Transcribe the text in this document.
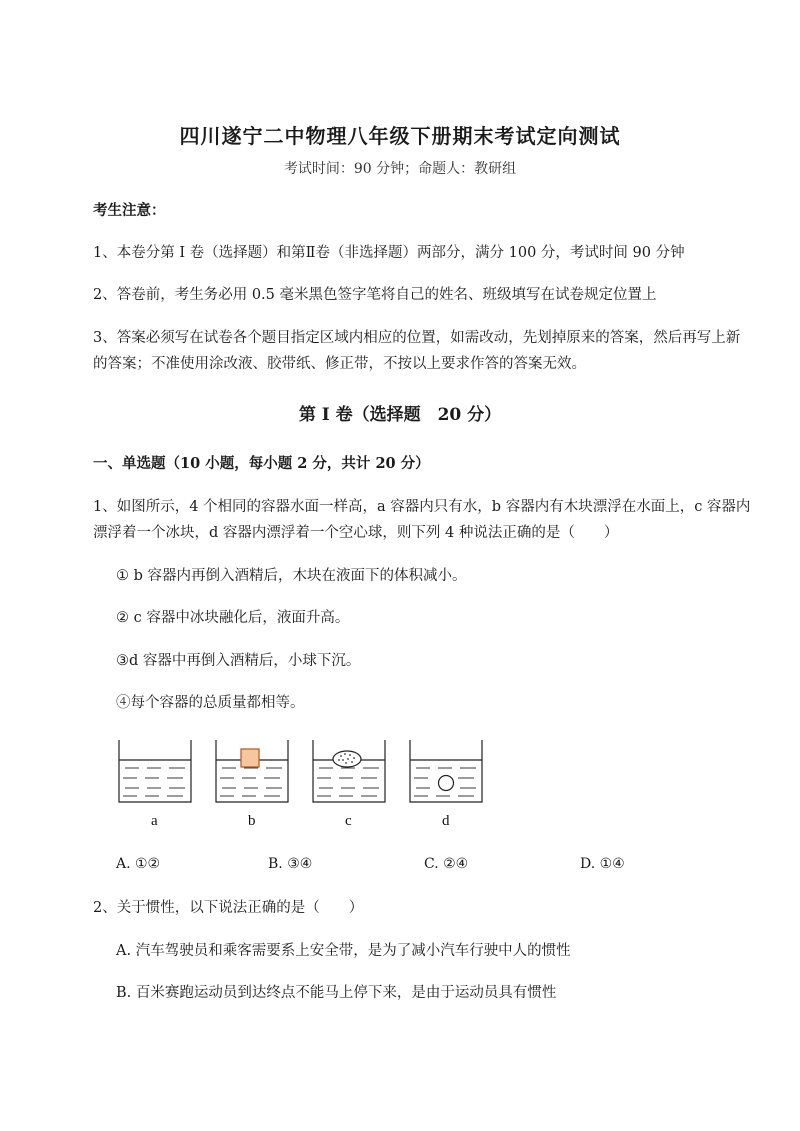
四川遂宁二中物理八年级下册期末考试定向测试
考试时间：90 分钟；命题人：教研组
考生注意：
1、本卷分第 I 卷（选择题）和第Ⅱ卷（非选择题）两部分，满分 100 分，考试时间 90 分钟
2、答卷前，考生务必用 0.5 毫米黑色签字笔将自己的姓名、班级填写在试卷规定位置上
3、答案必须写在试卷各个题目指定区域内相应的位置，如需改动，先划掉原来的答案，然后再写上新
的答案；不准使用涂改液、胶带纸、修正带，不按以上要求作答的答案无效。
第 I 卷（选择题　20 分）
一、单选题（10 小题，每小题 2 分，共计 20 分）
1、如图所示，4 个相同的容器水面一样高，a 容器内只有水，b 容器内有木块漂浮在水面上，c 容器内
漂浮着一个冰块，d 容器内漂浮着一个空心球，则下列 4 种说法正确的是（　　）
① b 容器内再倒入酒精后，木块在液面下的体积减小。
② c 容器中冰块融化后，液面升高。
③d 容器中再倒入酒精后，小球下沉。
④每个容器的总质量都相等。
a	b	c	d
A. ①②	B. ③④	C. ②④	D. ①④
2、关于惯性，以下说法正确的是（　　）
A. 汽车驾驶员和乘客需要系上安全带，是为了减小汽车行驶中人的惯性
B. 百米赛跑运动员到达终点不能马上停下来，是由于运动员具有惯性
